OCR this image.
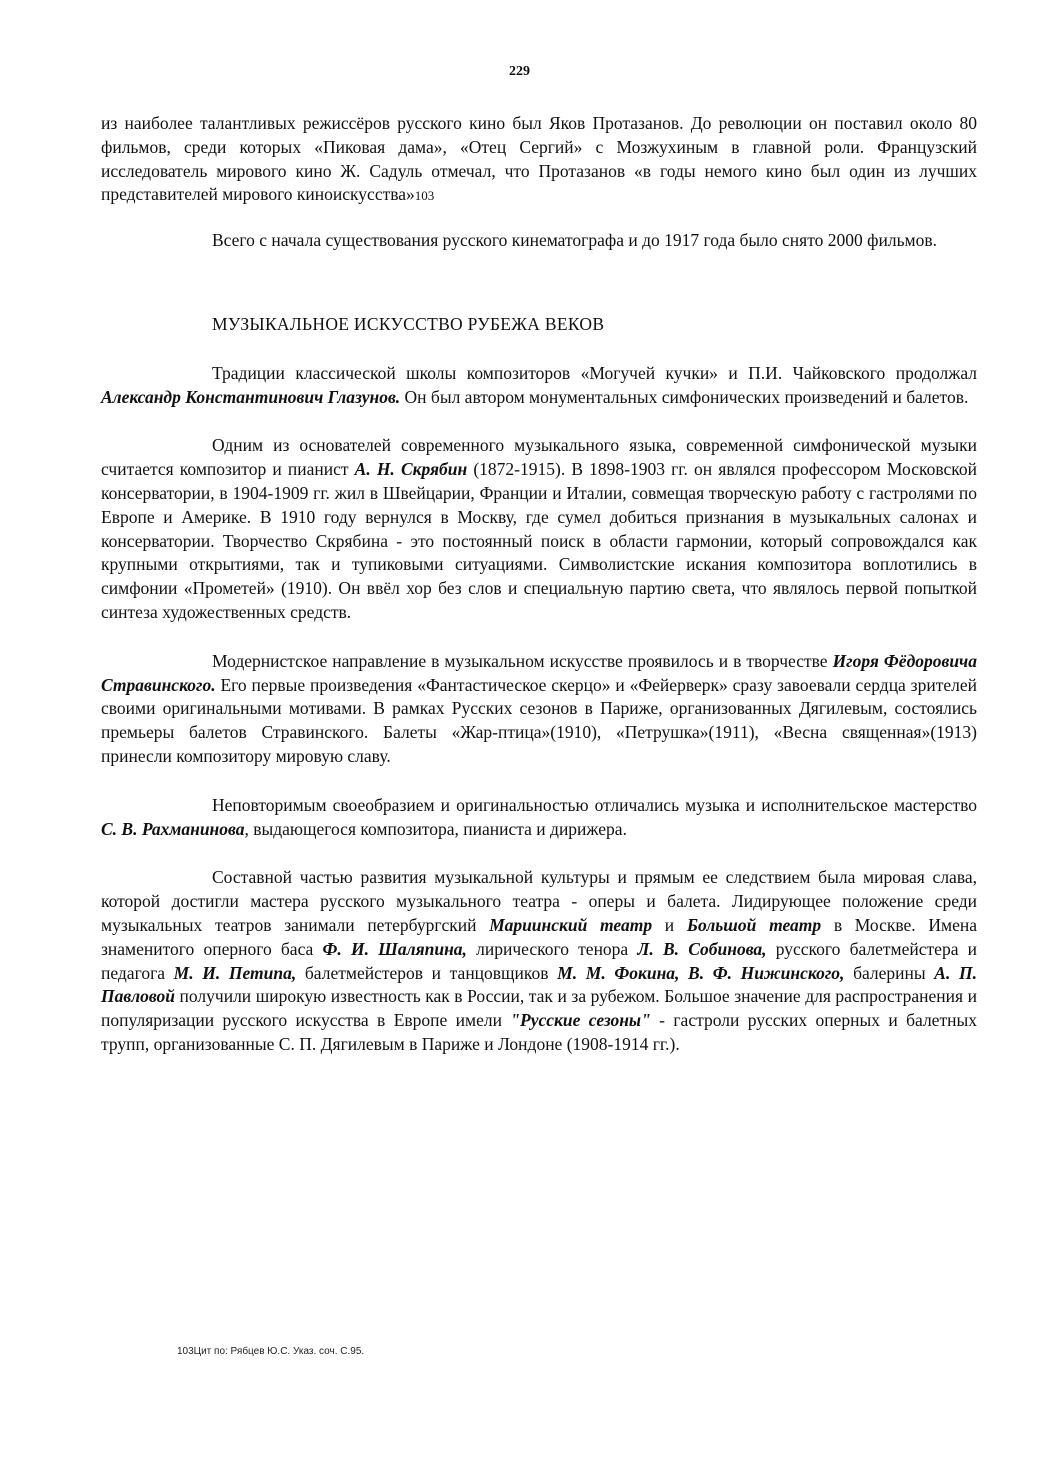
229

из наиболее талантливых режиссёров русского кино был Яков Протазанов. До революции он поставил около 80 фильмов, среди которых «Пиковая дама», «Отец Сергий» с Мозжухиным в главной роли. Французский исследователь мирового кино Ж. Садуль отмечал, что Протазанов «в годы немого кино был один из лучших представителей мирового киноискусства»103

Всего с начала существования русского кинематографа и до 1917 года было снято 2000 фильмов.

МУЗЫКАЛЬНОЕ ИСКУССТВО РУБЕЖА ВЕКОВ

Традиции классической школы композиторов «Могучей кучки» и П.И. Чайковского продолжал Александр Константинович Глазунов. Он был автором монументальных симфонических произведений и балетов.

Одним из основателей современного музыкального языка, современной симфонической музыки считается композитор и пианист А. Н. Скрябин (1872-1915). В 1898-1903 гг. он являлся профессором Московской консерватории, в 1904-1909 гг. жил в Швейцарии, Франции и Италии, совмещая творческую работу с гастролями по Европе и Америке. В 1910 году вернулся в Москву, где сумел добиться признания в музыкальных салонах и консерватории. Творчество Скрябина - это постоянный поиск в области гармонии, который сопровождался как крупными открытиями, так и тупиковыми ситуациями. Символистские искания композитора воплотились в симфонии «Прометей» (1910). Он ввёл хор без слов и специальную партию света, что являлось первой попыткой синтеза художественных средств.

Модернистское направление в музыкальном искусстве проявилось и в творчестве Игоря Фёдоровича Стравинского. Его первые произведения «Фантастическое скерцо» и «Фейерверк» сразу завоевали сердца зрителей своими оригинальными мотивами. В рамках Русских сезонов в Париже, организованных Дягилевым, состоялись премьеры балетов Стравинского. Балеты «Жар-птица»(1910), «Петрушка»(1911), «Весна священная»(1913) принесли композитору мировую славу.

Неповторимым своеобразием и оригинальностью отличались музыка и исполнительское мастерство С. В. Рахманинова, выдающегося композитора, пианиста и дирижера.

Составной частью развития музыкальной культуры и прямым ее следствием была мировая слава, которой достигли мастера русского музыкального театра - оперы и балета. Лидирующее положение среди музыкальных театров занимали петербургский Мариинский театр и Большой театр в Москве. Имена знаменитого оперного баса Ф. И. Шаляпина, лирического тенора Л. В. Собинова, русского балетмейстера и педагога М. И. Петипа, балетмейстеров и танцовщиков М. М. Фокина, В. Ф. Нижинского, балерины А. П. Павловой получили широкую известность как в России, так и за рубежом. Большое значение для распространения и популяризации русского искусства в Европе имели "Русские сезоны" - гастроли русских оперных и балетных трупп, организованные С. П. Дягилевым в Париже и Лондоне (1908-1914 гг.).

103Цит по: Рябцев Ю.С. Указ. соч. С.95.
